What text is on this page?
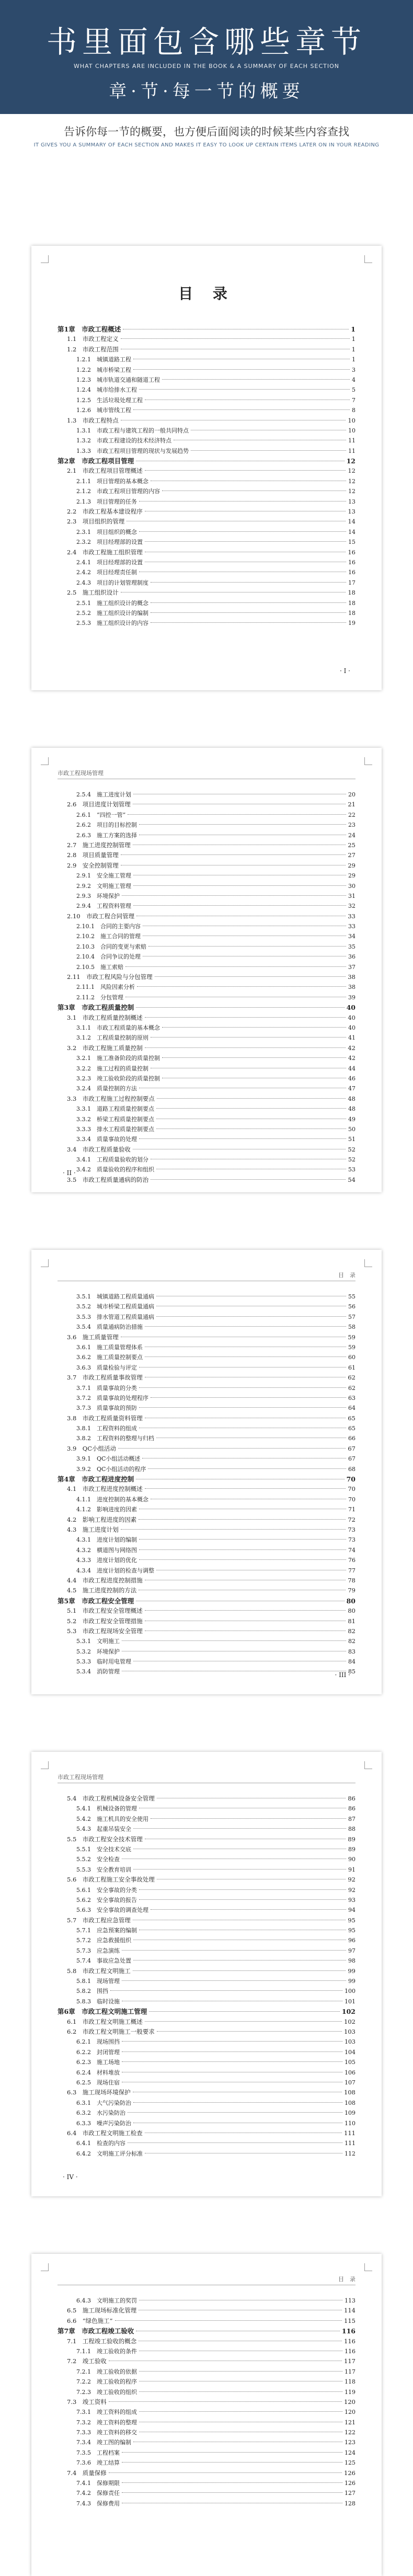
书里面包含哪些章节
WHAT CHAPTERS ARE INCLUDED IN THE BOOK & A SUMMARY OF EACH SECTION
章·节·每一节的概要
告诉你每一节的概要，也方便后面阅读的时候某些内容查找
IT GIVES YOU A SUMMARY OF EACH SECTION AND MAKES IT EASY TO LOOK UP CERTAIN ITEMS LATER ON IN YOUR READING
目 录
第1章　市政工程概述	1
1.1　市政工程定义	1
1.2　市政工程范围	1
1.2.1　城镇道路工程	1
1.2.2　城市桥梁工程	3
1.2.3　城市轨道交通和隧道工程	4
1.2.4　城市给排水工程	5
1.2.5　生活垃圾处理工程	7
1.2.6　城市管线工程	8
1.3　市政工程特点	10
1.3.1　市政工程与建筑工程的一般共同特点	10
1.3.2　市政工程建设的技术经济特点	11
1.3.3　市政工程项目管理的现状与发展趋势	11
第2章　市政工程项目管理	12
2.1　市政工程项目管理概述	12
2.1.1　项目管理的基本概念	12
2.1.2　市政工程项目管理的内容	12
2.1.3　项目管理的任务	13
2.2　市政工程基本建设程序	13
2.3　项目组织的管理	14
2.3.1　项目组织的概念	14
2.3.2　项目经理部的设置	15
2.4　市政工程施工组织管理	16
2.4.1　项目经理部的设置	16
2.4.2　项目经理责任制	16
2.4.3　项目的计划管理制度	17
2.5　施工组织设计	18
2.5.1　施工组织设计的概念	18
2.5.2　施工组织设计的编制	18
2.5.3　施工组织设计的内容	19
· I ·
市政工程现场管理
2.5.4　施工进度计划	20
2.6　项目进度计划管理	21
2.6.1　“四控一管”	22
2.6.2　项目的目标控制	23
2.6.3　施工方案的选择	24
2.7　施工进度控制管理	25
2.8　项目质量管理	27
2.9　安全控制管理	29
2.9.1　安全施工管理	29
2.9.2　文明施工管理	30
2.9.3　环境保护	31
2.9.4　工程资料管理	32
2.10　市政工程合同管理	33
2.10.1　合同的主要内容	33
2.10.2　施工合同的管理	34
2.10.3　合同的变更与索赔	35
2.10.4　合同争议的处理	36
2.10.5　施工索赔	37
2.11　市政工程风险与分包管理	38
2.11.1　风险因素分析	38
2.11.2　分包管理	39
第3章　市政工程质量控制	40
3.1　市政工程质量控制概述	40
3.1.1　市政工程质量的基本概念	40
3.1.2　工程质量控制的原则	41
3.2　市政工程施工质量控制	42
3.2.1　施工准备阶段的质量控制	42
3.2.2　施工过程的质量控制	44
3.2.3　竣工验收阶段的质量控制	46
3.2.4　质量控制的方法	47
3.3　市政工程施工过程控制要点	48
3.3.1　道路工程质量控制要点	48
3.3.2　桥梁工程质量控制要点	49
3.3.3　排水工程质量控制要点	50
3.3.4　质量事故的处理	51
3.4　市政工程质量验收	52
3.4.1　工程质量验收的划分	52
3.4.2　质量验收的程序和组织	53
3.5　市政工程质量通病的防治	54
· II ·
目　录
3.5.1　城镇道路工程质量通病	55
3.5.2　城市桥梁工程质量通病	56
3.5.3　排水管道工程质量通病	57
3.5.4　质量通病防治措施	58
3.6　施工质量管理	59
3.6.1　施工质量管理体系	59
3.6.2　施工质量控制要点	60
3.6.3　质量检验与评定	61
3.7　市政工程质量事故管理	62
3.7.1　质量事故的分类	62
3.7.2　质量事故的处理程序	63
3.7.3　质量事故的预防	64
3.8　市政工程质量资料管理	65
3.8.1　工程资料的组成	65
3.8.2　工程资料的整理与归档	66
3.9　QC小组活动	67
3.9.1　QC小组活动概述	67
3.9.2　QC小组活动的程序	68
第4章　市政工程进度控制	70
4.1　市政工程进度控制概述	70
4.1.1　进度控制的基本概念	70
4.1.2　影响进度的因素	71
4.2　影响工程进度的因素	72
4.3　施工进度计划	73
4.3.1　进度计划的编制	73
4.3.2　横道图与网络图	74
4.3.3　进度计划的优化	76
4.3.4　进度计划的检查与调整	77
4.4　市政工程进度控制措施	78
4.5　施工进度控制的方法	79
第5章　市政工程安全管理	80
5.1　市政工程安全管理概述	80
5.2　市政工程安全管理措施	81
5.3　市政工程现场安全管理	82
5.3.1　文明施工	82
5.3.2　环境保护	83
5.3.3　临时用电管理	84
5.3.4　消防管理	85
· III ·
市政工程现场管理
5.4　市政工程机械设备安全管理	86
5.4.1　机械设备的管理	86
5.4.2　施工机具的安全使用	87
5.4.3　起重吊装安全	88
5.5　市政工程安全技术管理	89
5.5.1　安全技术交底	89
5.5.2　安全检查	90
5.5.3　安全教育培训	91
5.6　市政工程施工安全事故处理	92
5.6.1　安全事故的分类	92
5.6.2　安全事故的报告	93
5.6.3　安全事故的调查处理	94
5.7　市政工程应急管理	95
5.7.1　应急预案的编制	95
5.7.2　应急救援组织	96
5.7.3　应急演练	97
5.7.4　事故应急处置	98
5.8　市政工程文明施工	99
5.8.1　现场管理	99
5.8.2　围挡	100
5.8.3　临时设施	101
第6章　市政工程文明施工管理	102
6.1　市政工程文明施工概述	102
6.2　市政工程文明施工一般要求	103
6.2.1　现场围挡	103
6.2.2　封闭管理	104
6.2.3　施工场地	105
6.2.4　材料堆放	106
6.2.5　现场住宿	107
6.3　施工现场环境保护	108
6.3.1　大气污染防治	108
6.3.2　水污染防治	109
6.3.3　噪声污染防治	110
6.4　市政工程文明施工检查	111
6.4.1　检查的内容	111
6.4.2　文明施工评分标准	112
· IV ·
目　录
6.4.3　文明施工的奖罚	113
6.5　施工现场标准化管理	114
6.6　“绿色施工”	115
第7章　市政工程竣工验收	116
7.1　工程竣工验收的概念	116
7.1.1　竣工验收的条件	116
7.2　竣工验收	117
7.2.1　竣工验收的依据	117
7.2.2　竣工验收的程序	118
7.2.3　竣工验收的组织	119
7.3　竣工资料	120
7.3.1　竣工资料的组成	120
7.3.2　竣工资料的整理	121
7.3.3　竣工资料的移交	122
7.3.4　竣工图的编制	123
7.3.5　工程档案	124
7.3.6　竣工结算	125
7.4　质量保修	126
7.4.1　保修期限	126
7.4.2　保修责任	127
7.4.3　保修费用	128
